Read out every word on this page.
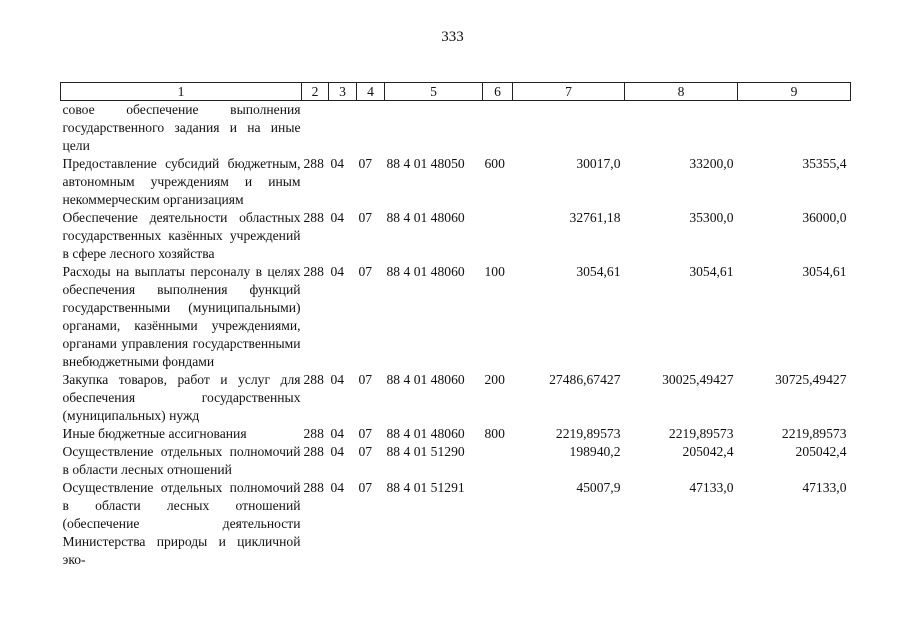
333
1	2	3	4	5	6	7	8	9
совое обеспечение выполнения государственного задания и на иные цели								
Предоставление субсидий бюджетным, автономным учреждениям и иным некоммерческим организациям	288	04	07	88 4 01 48050	600	30017,0	33200,0	35355,4
Обеспечение деятельности областных государственных казённых учреждений в сфере лесного хозяйства	288	04	07	88 4 01 48060		32761,18	35300,0	36000,0
Расходы на выплаты персоналу в целях обеспечения выполнения функций государственными (муниципальными) органами, казёнными учреждениями, органами управления государственными внебюджетными фондами	288	04	07	88 4 01 48060	100	3054,61	3054,61	3054,61
Закупка товаров, работ и услуг для обеспечения государственных (муниципальных) нужд	288	04	07	88 4 01 48060	200	27486,67427	30025,49427	30725,49427
Иные бюджетные ассигнования	288	04	07	88 4 01 48060	800	2219,89573	2219,89573	2219,89573
Осуществление отдельных полномочий в области лесных отношений	288	04	07	88 4 01 51290		198940,2	205042,4	205042,4
Осуществление отдельных полномочий в области лесных отношений (обеспечение деятельности Министерства природы и цикличной эко-	288	04	07	88 4 01 51291		45007,9	47133,0	47133,0
